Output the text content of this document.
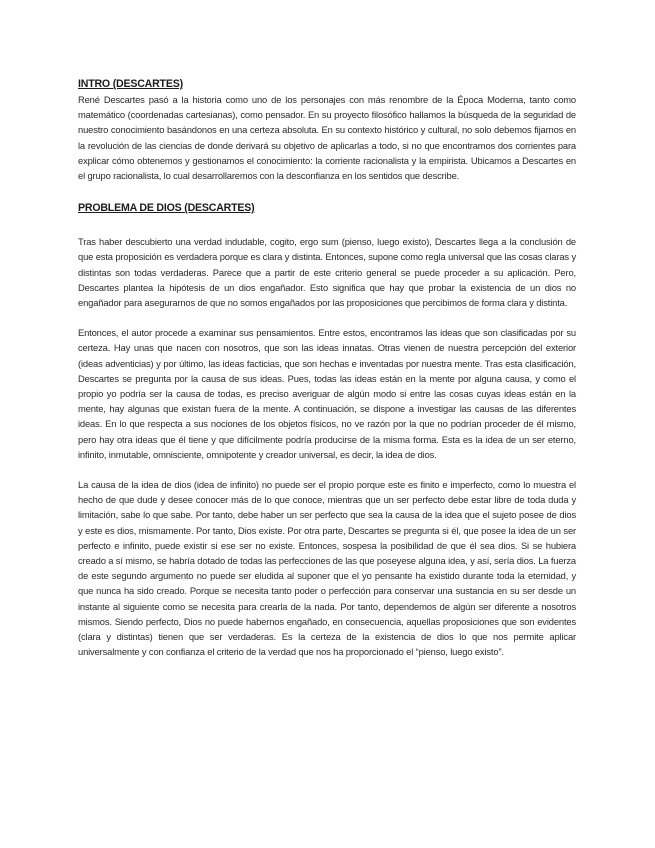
INTRO (DESCARTES)

René Descartes pasó a la historia como uno de los personajes con más renombre de la Época Moderna, tanto como matemático (coordenadas cartesianas), como pensador. En su proyecto filosófico hallamos la búsqueda de la seguridad de nuestro conocimiento basándonos en una certeza absoluta. En su contexto histórico y cultural, no solo debemos fijarnos en la revolución de las ciencias de donde derivará su objetivo de aplicarlas a todo, si no que encontramos dos corrientes para explicar cómo obtenemos y gestionamos el conocimiento: la corriente racionalista y la empirista. Ubicamos a Descartes en el grupo racionalista, lo cual desarrollaremos con la desconfianza en los sentidos que describe.

PROBLEMA DE DIOS (DESCARTES)

Tras haber descubierto una verdad indudable, cogito, ergo sum (pienso, luego existo), Descartes llega a la conclusión de que esta proposición es verdadera porque es clara y distinta. Entonces, supone como regla universal que las cosas claras y distintas son todas verdaderas. Parece que a partir de este criterio general se puede proceder a su aplicación. Pero, Descartes plantea la hipótesis de un dios engañador. Esto significa que hay que probar la existencia de un dios no engañador para asegurarnos de que no somos engañados por las proposiciones que percibimos de forma clara y distinta.

Entonces, el autor procede a examinar sus pensamientos. Entre estos, encontramos las ideas que son clasificadas por su certeza. Hay unas que nacen con nosotros, que son las ideas innatas. Otras vienen de nuestra percepción del exterior (ideas adventicias) y por último, las ideas facticias, que son hechas e inventadas por nuestra mente. Tras esta clasificación, Descartes se pregunta por la causa de sus ideas. Pues, todas las ideas están en la mente por alguna causa, y como el propio yo podría ser la causa de todas, es preciso averiguar de algún modo si entre las cosas cuyas ideas están en la mente, hay algunas que existan fuera de la mente. A continuación, se dispone a investigar las causas de las diferentes ideas. En lo que respecta a sus nociones de los objetos físicos, no ve razón por la que no podrían proceder de él mismo, pero hay otra ideas que él tiene y que difícilmente podría producirse de la misma forma. Esta es la idea de un ser eterno, infinito, inmutable, omnisciente, omnipotente y creador universal, es decir, la idea de dios.

La causa de la idea de dios (idea de infinito) no puede ser el propio porque este es finito e imperfecto, como lo muestra el hecho de que dude y desee conocer más de lo que conoce, mientras que un ser perfecto debe estar libre de toda duda y limitación, sabe lo que sabe. Por tanto, debe haber un ser perfecto que sea la causa de la idea que el sujeto posee de dios y este es dios, mismamente. Por tanto, Dios existe. Por otra parte, Descartes se pregunta si él, que posee la idea de un ser perfecto e infinito, puede existir si ese ser no existe. Entonces, sospesa la posibilidad de que él sea dios. Si se hubiera creado a sí mismo, se habría dotado de todas las perfecciones de las que poseyese alguna idea, y así, sería dios. La fuerza de este segundo argumento no puede ser eludida al suponer que el yo pensante ha existido durante toda la eternidad, y que nunca ha sido creado. Porque se necesita tanto poder o perfección para conservar una sustancia en su ser desde un instante al siguiente como se necesita para crearla de la nada. Por tanto, dependemos de algún ser diferente a nosotros mismos. Siendo perfecto, Dios no puede habernos engañado, en consecuencia, aquellas proposiciones que son evidentes (clara y distintas) tienen que ser verdaderas. Es la certeza de la existencia de dios lo que nos permite aplicar universalmente y con confianza el criterio de la verdad que nos ha proporcionado el “pienso, luego existo”.
